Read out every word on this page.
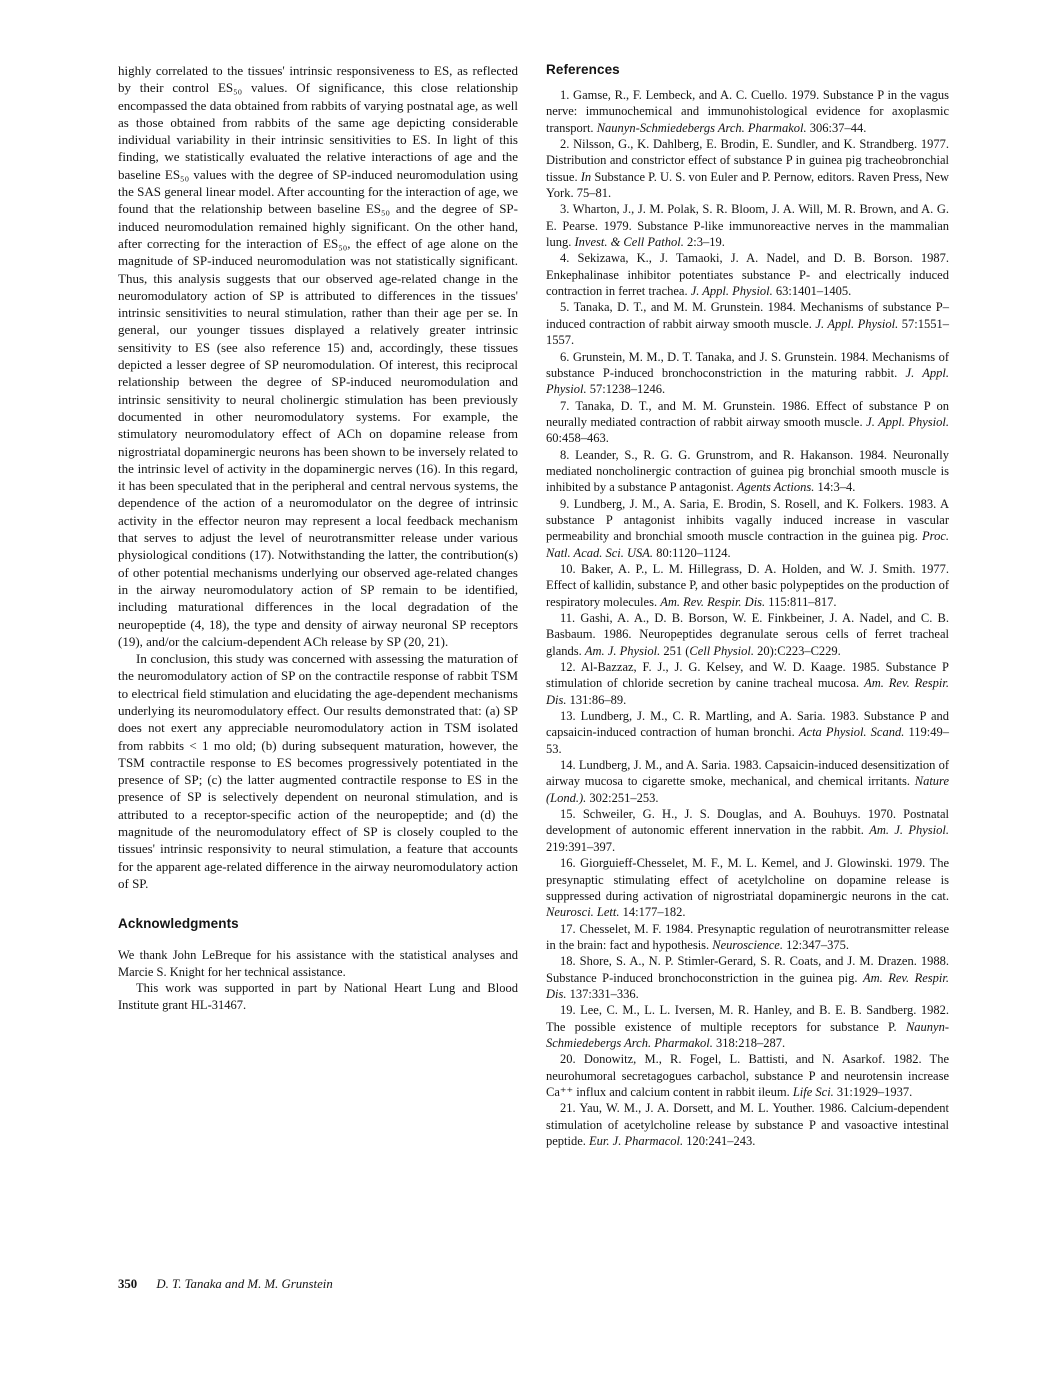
highly correlated to the tissues' intrinsic responsiveness to ES, as reflected by their control ES₅₀ values. Of significance, this close relationship encompassed the data obtained from rabbits of varying postnatal age, as well as those obtained from rabbits of the same age depicting considerable individual variability in their intrinsic sensitivities to ES. In light of this finding, we statistically evaluated the relative interactions of age and the baseline ES₅₀ values with the degree of SP-induced neuromodulation using the SAS general linear model. After accounting for the interaction of age, we found that the relationship between baseline ES₅₀ and the degree of SP-induced neuromodulation remained highly significant. On the other hand, after correcting for the interaction of ES₅₀, the effect of age alone on the magnitude of SP-induced neuromodulation was not statistically significant. Thus, this analysis suggests that our observed age-related change in the neuromodulatory action of SP is attributed to differences in the tissues' intrinsic sensitivities to neural stimulation, rather than their age per se. In general, our younger tissues displayed a relatively greater intrinsic sensitivity to ES (see also reference 15) and, accordingly, these tissues depicted a lesser degree of SP neuromodulation. Of interest, this reciprocal relationship between the degree of SP-induced neuromodulation and intrinsic sensitivity to neural cholinergic stimulation has been previously documented in other neuromodulatory systems. For example, the stimulatory neuromodulatory effect of ACh on dopamine release from nigrostriatal dopaminergic neurons has been shown to be inversely related to the intrinsic level of activity in the dopaminergic nerves (16). In this regard, it has been speculated that in the peripheral and central nervous systems, the dependence of the action of a neuromodulator on the degree of intrinsic activity in the effector neuron may represent a local feedback mechanism that serves to adjust the level of neurotransmitter release under various physiological conditions (17). Notwithstanding the latter, the contribution(s) of other potential mechanisms underlying our observed age-related changes in the airway neuromodulatory action of SP remain to be identified, including maturational differences in the local degradation of the neuropeptide (4, 18), the type and density of airway neuronal SP receptors (19), and/or the calcium-dependent ACh release by SP (20, 21).

In conclusion, this study was concerned with assessing the maturation of the neuromodulatory action of SP on the contractile response of rabbit TSM to electrical field stimulation and elucidating the age-dependent mechanisms underlying its neuromodulatory effect. Our results demonstrated that: (a) SP does not exert any appreciable neuromodulatory action in TSM isolated from rabbits < 1 mo old; (b) during subsequent maturation, however, the TSM contractile response to ES becomes progressively potentiated in the presence of SP; (c) the latter augmented contractile response to ES in the presence of SP is selectively dependent on neuronal stimulation, and is attributed to a receptor-specific action of the neuropeptide; and (d) the magnitude of the neuromodulatory effect of SP is closely coupled to the tissues' intrinsic responsivity to neural stimulation, a feature that accounts for the apparent age-related difference in the airway neuromodulatory action of SP.

Acknowledgments

We thank John LeBreque for his assistance with the statistical analyses and Marcie S. Knight for her technical assistance.

This work was supported in part by National Heart Lung and Blood Institute grant HL-31467.

References

1. Gamse, R., F. Lembeck, and A. C. Cuello. 1979. Substance P in the vagus nerve: immunochemical and immunohistological evidence for axoplasmic transport. Naunyn-Schmiedebergs Arch. Pharmakol. 306:37–44.

2. Nilsson, G., K. Dahlberg, E. Brodin, E. Sundler, and K. Strandberg. 1977. Distribution and constrictor effect of substance P in guinea pig tracheobronchial tissue. In Substance P. U. S. von Euler and P. Pernow, editors. Raven Press, New York. 75–81.

3. Wharton, J., J. M. Polak, S. R. Bloom, J. A. Will, M. R. Brown, and A. G. E. Pearse. 1979. Substance P-like immunoreactive nerves in the mammalian lung. Invest. & Cell Pathol. 2:3–19.

4. Sekizawa, K., J. Tamaoki, J. A. Nadel, and D. B. Borson. 1987. Enkephalinase inhibitor potentiates substance P- and electrically induced contraction in ferret trachea. J. Appl. Physiol. 63:1401–1405.

5. Tanaka, D. T., and M. M. Grunstein. 1984. Mechanisms of substance P–induced contraction of rabbit airway smooth muscle. J. Appl. Physiol. 57:1551–1557.

6. Grunstein, M. M., D. T. Tanaka, and J. S. Grunstein. 1984. Mechanisms of substance P-induced bronchoconstriction in the maturing rabbit. J. Appl. Physiol. 57:1238–1246.

7. Tanaka, D. T., and M. M. Grunstein. 1986. Effect of substance P on neurally mediated contraction of rabbit airway smooth muscle. J. Appl. Physiol. 60:458–463.

8. Leander, S., R. G. G. Grunstrom, and R. Hakanson. 1984. Neuronally mediated noncholinergic contraction of guinea pig bronchial smooth muscle is inhibited by a substance P antagonist. Agents Actions. 14:3–4.

9. Lundberg, J. M., A. Saria, E. Brodin, S. Rosell, and K. Folkers. 1983. A substance P antagonist inhibits vagally induced increase in vascular permeability and bronchial smooth muscle contraction in the guinea pig. Proc. Natl. Acad. Sci. USA. 80:1120–1124.

10. Baker, A. P., L. M. Hillegrass, D. A. Holden, and W. J. Smith. 1977. Effect of kallidin, substance P, and other basic polypeptides on the production of respiratory molecules. Am. Rev. Respir. Dis. 115:811–817.

11. Gashi, A. A., D. B. Borson, W. E. Finkbeiner, J. A. Nadel, and C. B. Basbaum. 1986. Neuropeptides degranulate serous cells of ferret tracheal glands. Am. J. Physiol. 251 (Cell Physiol. 20):C223–C229.

12. Al-Bazzaz, F. J., J. G. Kelsey, and W. D. Kaage. 1985. Substance P stimulation of chloride secretion by canine tracheal mucosa. Am. Rev. Respir. Dis. 131:86–89.

13. Lundberg, J. M., C. R. Martling, and A. Saria. 1983. Substance P and capsaicin-induced contraction of human bronchi. Acta Physiol. Scand. 119:49–53.

14. Lundberg, J. M., and A. Saria. 1983. Capsaicin-induced desensitization of airway mucosa to cigarette smoke, mechanical, and chemical irritants. Nature (Lond.). 302:251–253.

15. Schweiler, G. H., J. S. Douglas, and A. Bouhuys. 1970. Postnatal development of autonomic efferent innervation in the rabbit. Am. J. Physiol. 219:391–397.

16. Giorguieff-Chesselet, M. F., M. L. Kemel, and J. Glowinski. 1979. The presynaptic stimulating effect of acetylcholine on dopamine release is suppressed during activation of nigrostriatal dopaminergic neurons in the cat. Neurosci. Lett. 14:177–182.

17. Chesselet, M. F. 1984. Presynaptic regulation of neurotransmitter release in the brain: fact and hypothesis. Neuroscience. 12:347–375.

18. Shore, S. A., N. P. Stimler-Gerard, S. R. Coats, and J. M. Drazen. 1988. Substance P-induced bronchoconstriction in the guinea pig. Am. Rev. Respir. Dis. 137:331–336.

19. Lee, C. M., L. L. Iversen, M. R. Hanley, and B. E. B. Sandberg. 1982. The possible existence of multiple receptors for substance P. Naunyn-Schmiedebergs Arch. Pharmakol. 318:218–287.

20. Donowitz, M., R. Fogel, L. Battisti, and N. Asarkof. 1982. The neurohumoral secretagogues carbachol, substance P and neurotensin increase Ca⁺⁺ influx and calcium content in rabbit ileum. Life Sci. 31:1929–1937.

21. Yau, W. M., J. A. Dorsett, and M. L. Youther. 1986. Calcium-dependent stimulation of acetylcholine release by substance P and vasoactive intestinal peptide. Eur. J. Pharmacol. 120:241–243.

350 D. T. Tanaka and M. M. Grunstein
